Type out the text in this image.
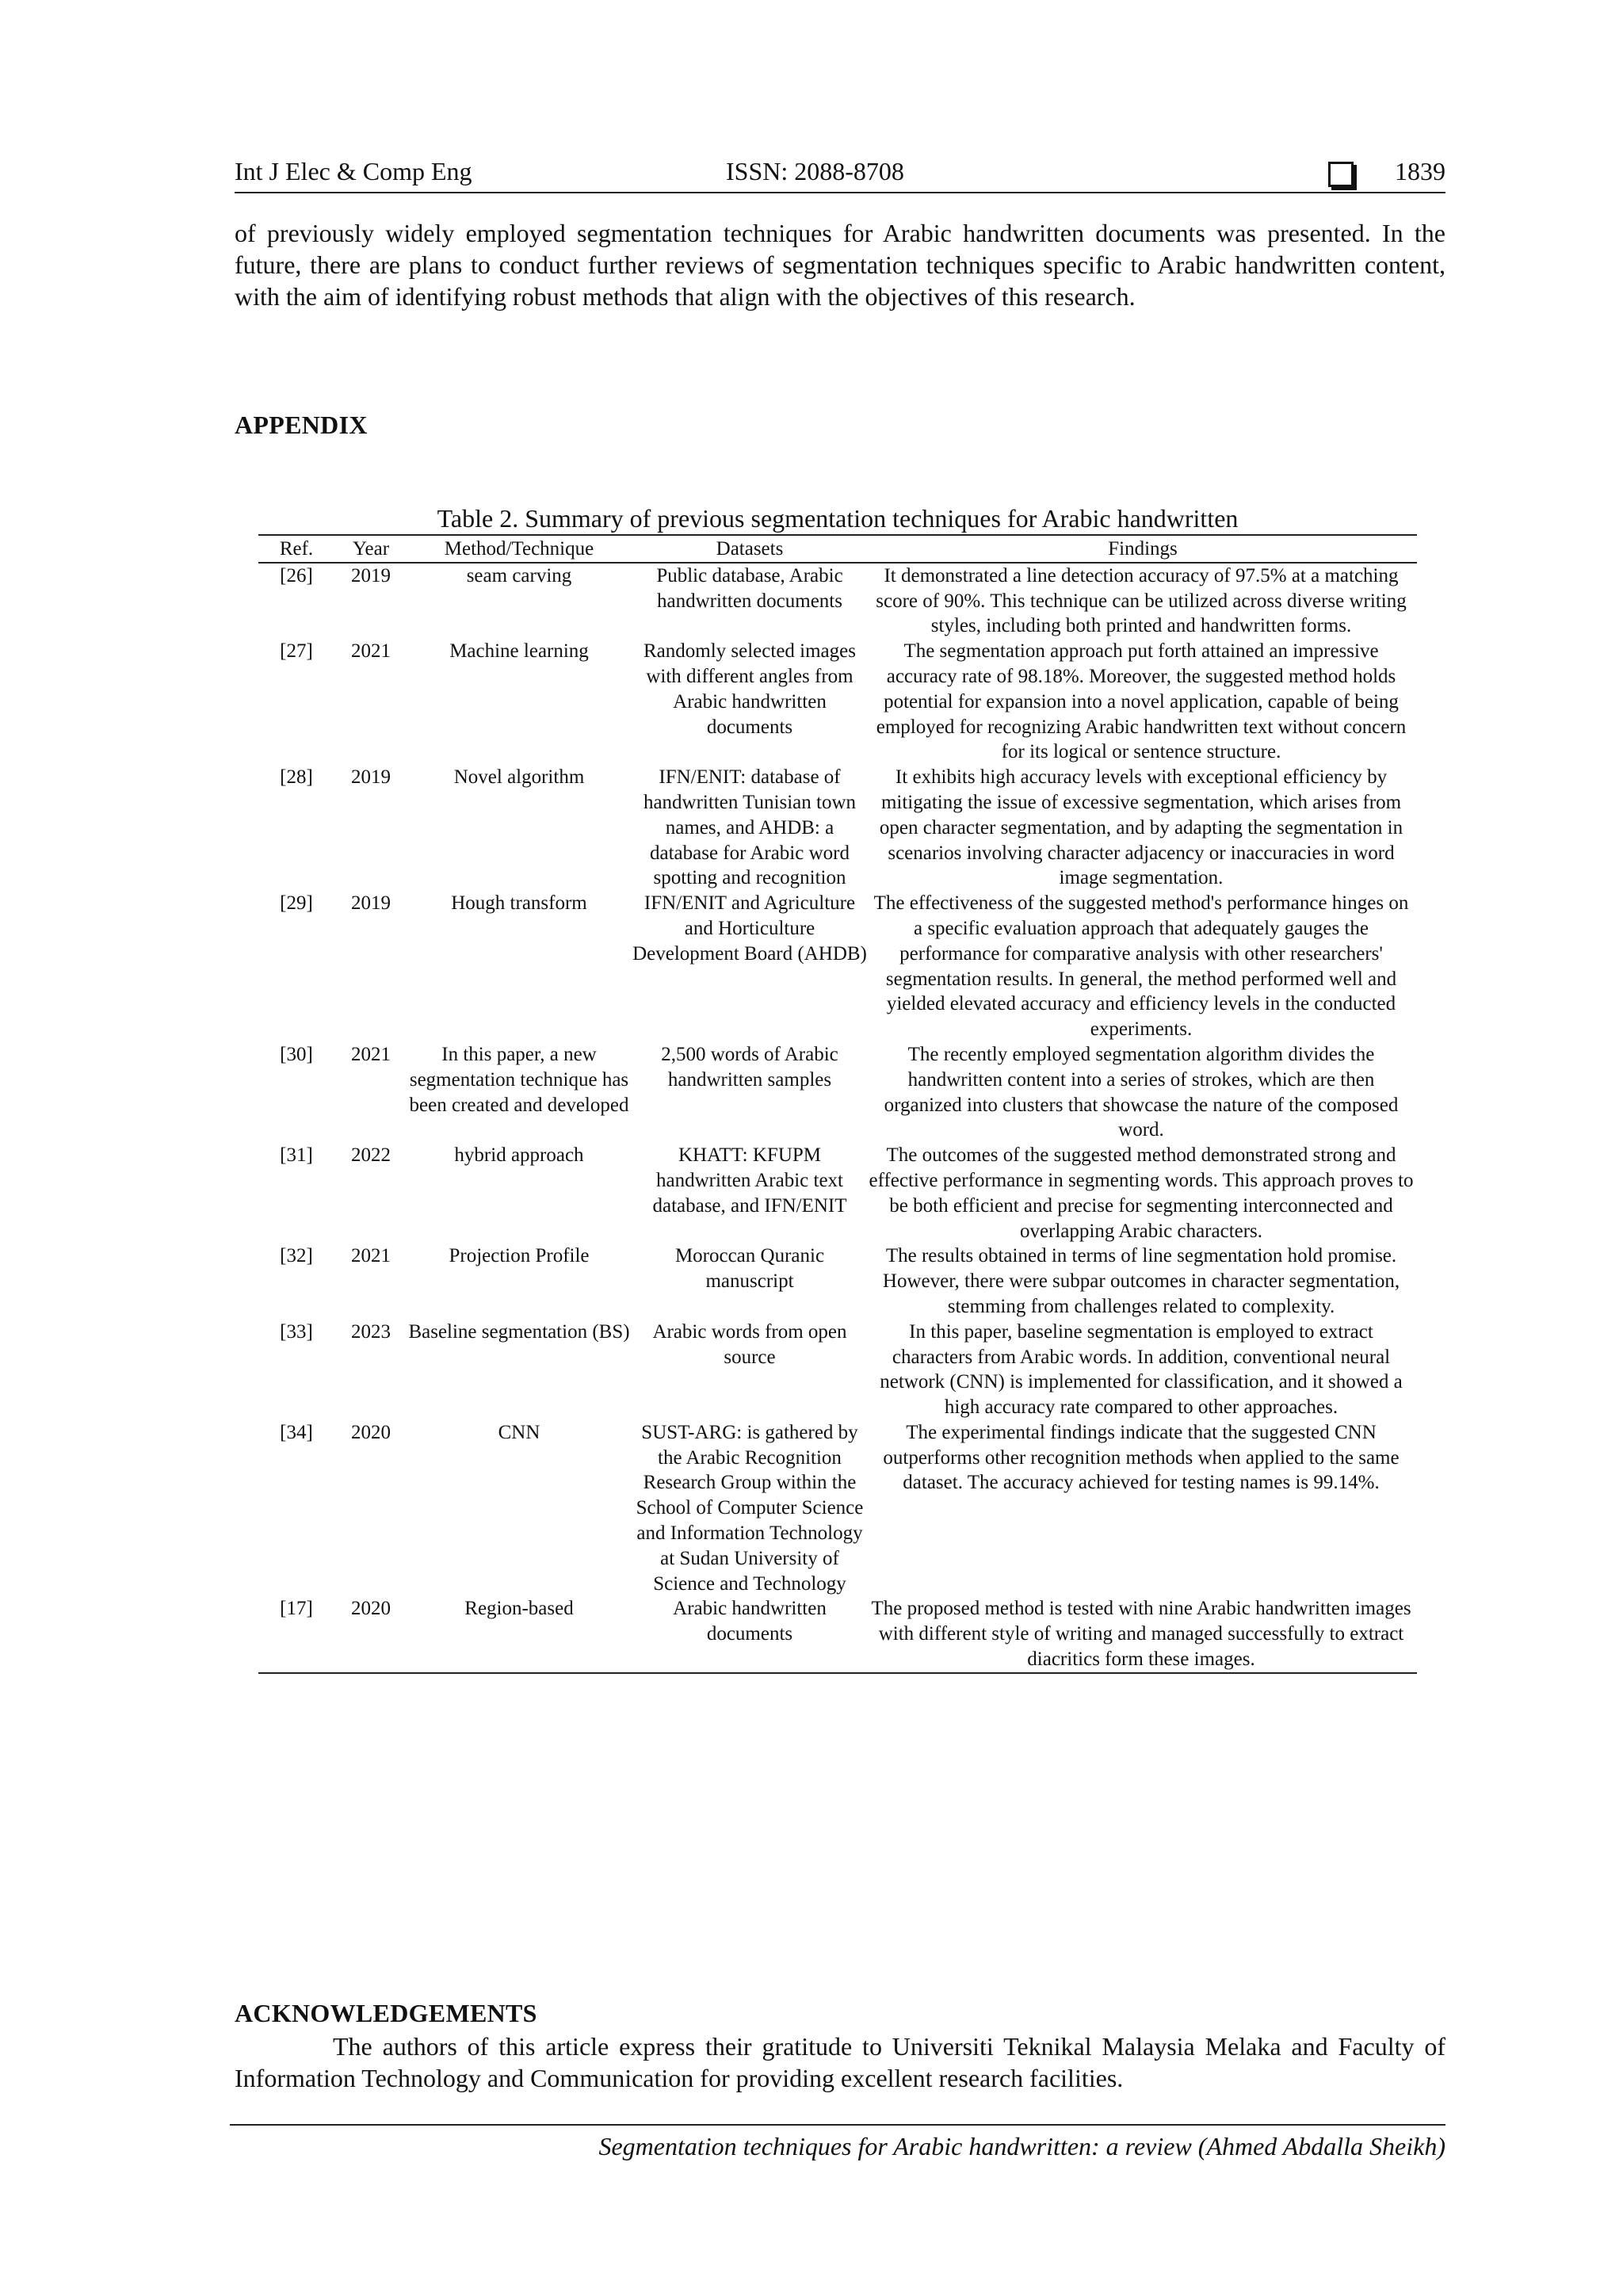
Int J Elec & Comp Eng	ISSN: 2088-8708	1839

of previously widely employed segmentation techniques for Arabic handwritten documents was presented. In the future, there are plans to conduct further reviews of segmentation techniques specific to Arabic handwritten content, with the aim of identifying robust methods that align with the objectives of this research.

APPENDIX
Table 2. Summary of previous segmentation techniques for Arabic handwritten
Ref.	Year	Method/Technique	Datasets	Findings
[26]	2019	seam carving	Public database, Arabic handwritten documents	It demonstrated a line detection accuracy of 97.5% at a matching score of 90%. This technique can be utilized across diverse writing styles, including both printed and handwritten forms.
[27]	2021	Machine learning	Randomly selected images with different angles from Arabic handwritten documents	The segmentation approach put forth attained an impressive accuracy rate of 98.18%. Moreover, the suggested method holds potential for expansion into a novel application, capable of being employed for recognizing Arabic handwritten text without concern for its logical or sentence structure.
[28]	2019	Novel algorithm	IFN/ENIT: database of handwritten Tunisian town names, and AHDB: a database for Arabic word spotting and recognition	It exhibits high accuracy levels with exceptional efficiency by mitigating the issue of excessive segmentation, which arises from open character segmentation, and by adapting the segmentation in scenarios involving character adjacency or inaccuracies in word image segmentation.
[29]	2019	Hough transform	IFN/ENIT and Agriculture and Horticulture Development Board (AHDB)	The effectiveness of the suggested method's performance hinges on a specific evaluation approach that adequately gauges the performance for comparative analysis with other researchers' segmentation results. In general, the method performed well and yielded elevated accuracy and efficiency levels in the conducted experiments.
[30]	2021	In this paper, a new segmentation technique has been created and developed	2,500 words of Arabic handwritten samples	The recently employed segmentation algorithm divides the handwritten content into a series of strokes, which are then organized into clusters that showcase the nature of the composed word.
[31]	2022	hybrid approach	KHATT: KFUPM handwritten Arabic text database, and IFN/ENIT	The outcomes of the suggested method demonstrated strong and effective performance in segmenting words. This approach proves to be both efficient and precise for segmenting interconnected and overlapping Arabic characters.
[32]	2021	Projection Profile	Moroccan Quranic manuscript	The results obtained in terms of line segmentation hold promise. However, there were subpar outcomes in character segmentation, stemming from challenges related to complexity.
[33]	2023	Baseline segmentation (BS)	Arabic words from open source	In this paper, baseline segmentation is employed to extract characters from Arabic words. In addition, conventional neural network (CNN) is implemented for classification, and it showed a high accuracy rate compared to other approaches.
[34]	2020	CNN	SUST-ARG: is gathered by the Arabic Recognition Research Group within the School of Computer Science and Information Technology at Sudan University of Science and Technology	The experimental findings indicate that the suggested CNN outperforms other recognition methods when applied to the same dataset. The accuracy achieved for testing names is 99.14%.
[17]	2020	Region-based	Arabic handwritten documents	The proposed method is tested with nine Arabic handwritten images with different style of writing and managed successfully to extract diacritics form these images.
ACKNOWLEDGEMENTS

The authors of this article express their gratitude to Universiti Teknikal Malaysia Melaka and Faculty of Information Technology and Communication for providing excellent research facilities.

Segmentation techniques for Arabic handwritten: a review (Ahmed Abdalla Sheikh)
